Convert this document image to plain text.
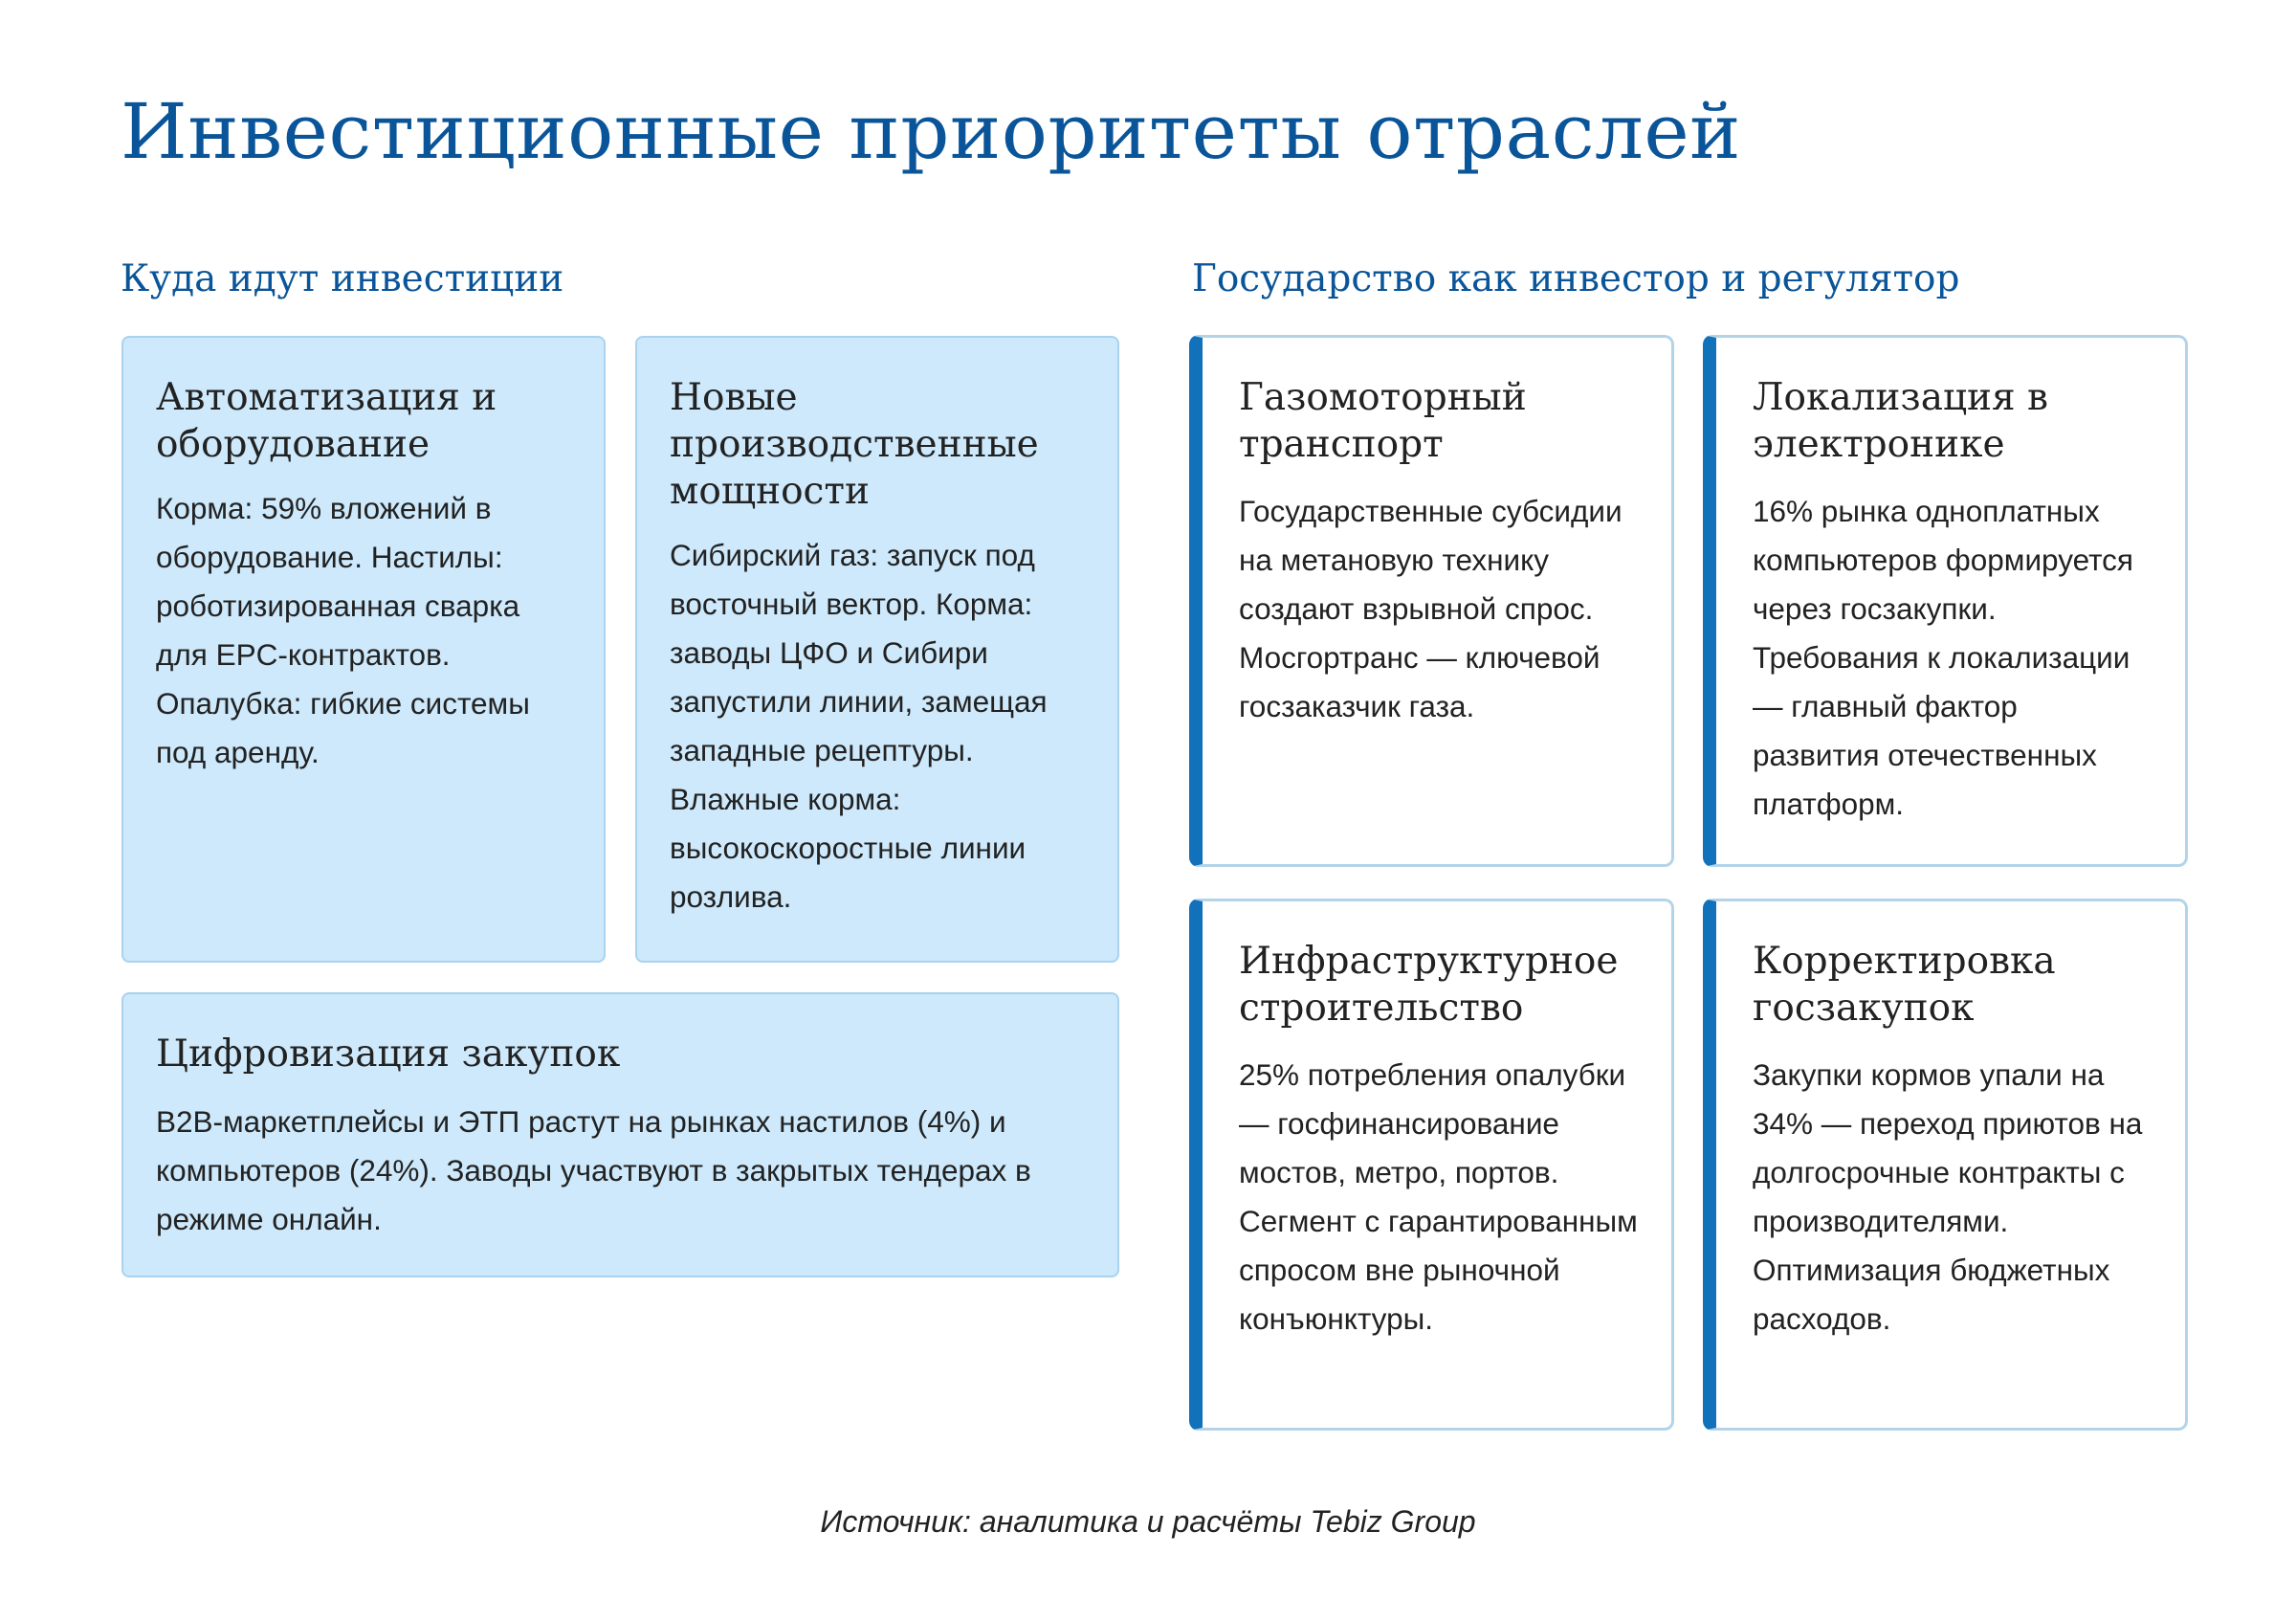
Инвестиционные приоритеты отраслей
Куда идут инвестиции	Государство как инвестор и регулятор
Автоматизация и оборудование

Корма: 59% вложений в оборудование. Настилы: роботизированная сварка для EPC-контрактов. Опалубка: гибкие системы под аренду.

Новые производственные мощности

Сибирский газ: запуск под восточный вектор. Корма: заводы ЦФО и Сибири запустили линии, замещая западные рецептуры. Влажные корма: высокоскоростные линии розлива.

Цифровизация закупок

B2B-маркетплейсы и ЭТП растут на рынках настилов (4%) и компьютеров (24%). Заводы участвуют в закрытых тендерах в режиме онлайн.

Газомоторный транспорт

Государственные субсидии на метановую технику создают взрывной спрос. Мосгортранс — ключевой госзаказчик газа.

Локализация в электронике

16% рынка одноплатных компьютеров формируется через госзакупки. Требования к локализации — главный фактор развития отечественных платформ.

Инфраструктурное строительство

25% потребления опалубки — госфинансирование мостов, метро, портов. Сегмент с гарантированным спросом вне рыночной конъюнктуры.

Корректировка госзакупок

Закупки кормов упали на 34% — переход приютов на долгосрочные контракты с производителями. Оптимизация бюджетных расходов.

Источник: аналитика и расчёты Tebiz Group
